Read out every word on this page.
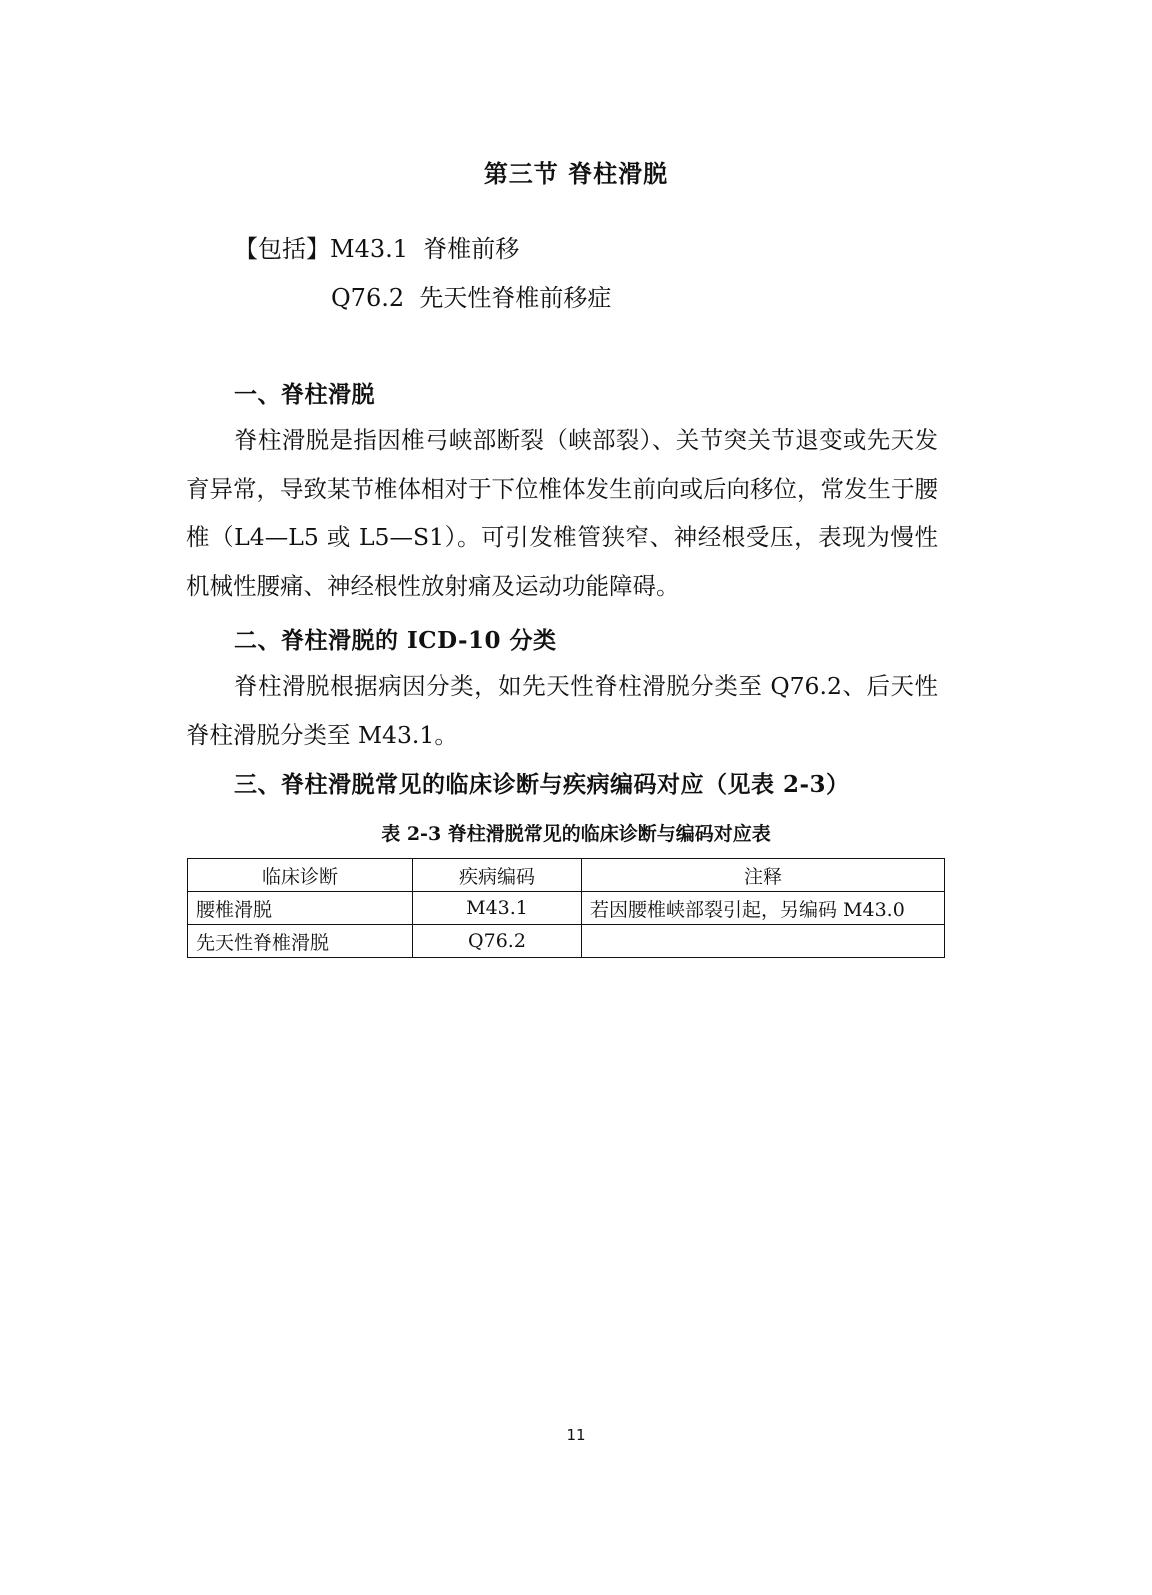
第三节 脊柱滑脱
【包括】M43.1 脊椎前移
Q76.2 先天性脊椎前移症
一、脊柱滑脱

脊柱滑脱是指因椎弓峡部断裂（峡部裂）、关节突关节退变或先天发育异常，导致某节椎体相对于下位椎体发生前向或后向移位，常发生于腰椎（L4—L5 或 L5—S1）。可引发椎管狭窄、神经根受压，表现为慢性机械性腰痛、神经根性放射痛及运动功能障碍。

二、脊柱滑脱的 ICD-10 分类

脊柱滑脱根据病因分类，如先天性脊柱滑脱分类至 Q76.2、后天性脊柱滑脱分类至 M43.1。

三、脊柱滑脱常见的临床诊断与疾病编码对应（见表 2-3）
表 2-3 脊柱滑脱常见的临床诊断与编码对应表
临床诊断	疾病编码	注释
腰椎滑脱	M43.1	若因腰椎峡部裂引起，另编码 M43.0
先天性脊椎滑脱	Q76.2	
11
